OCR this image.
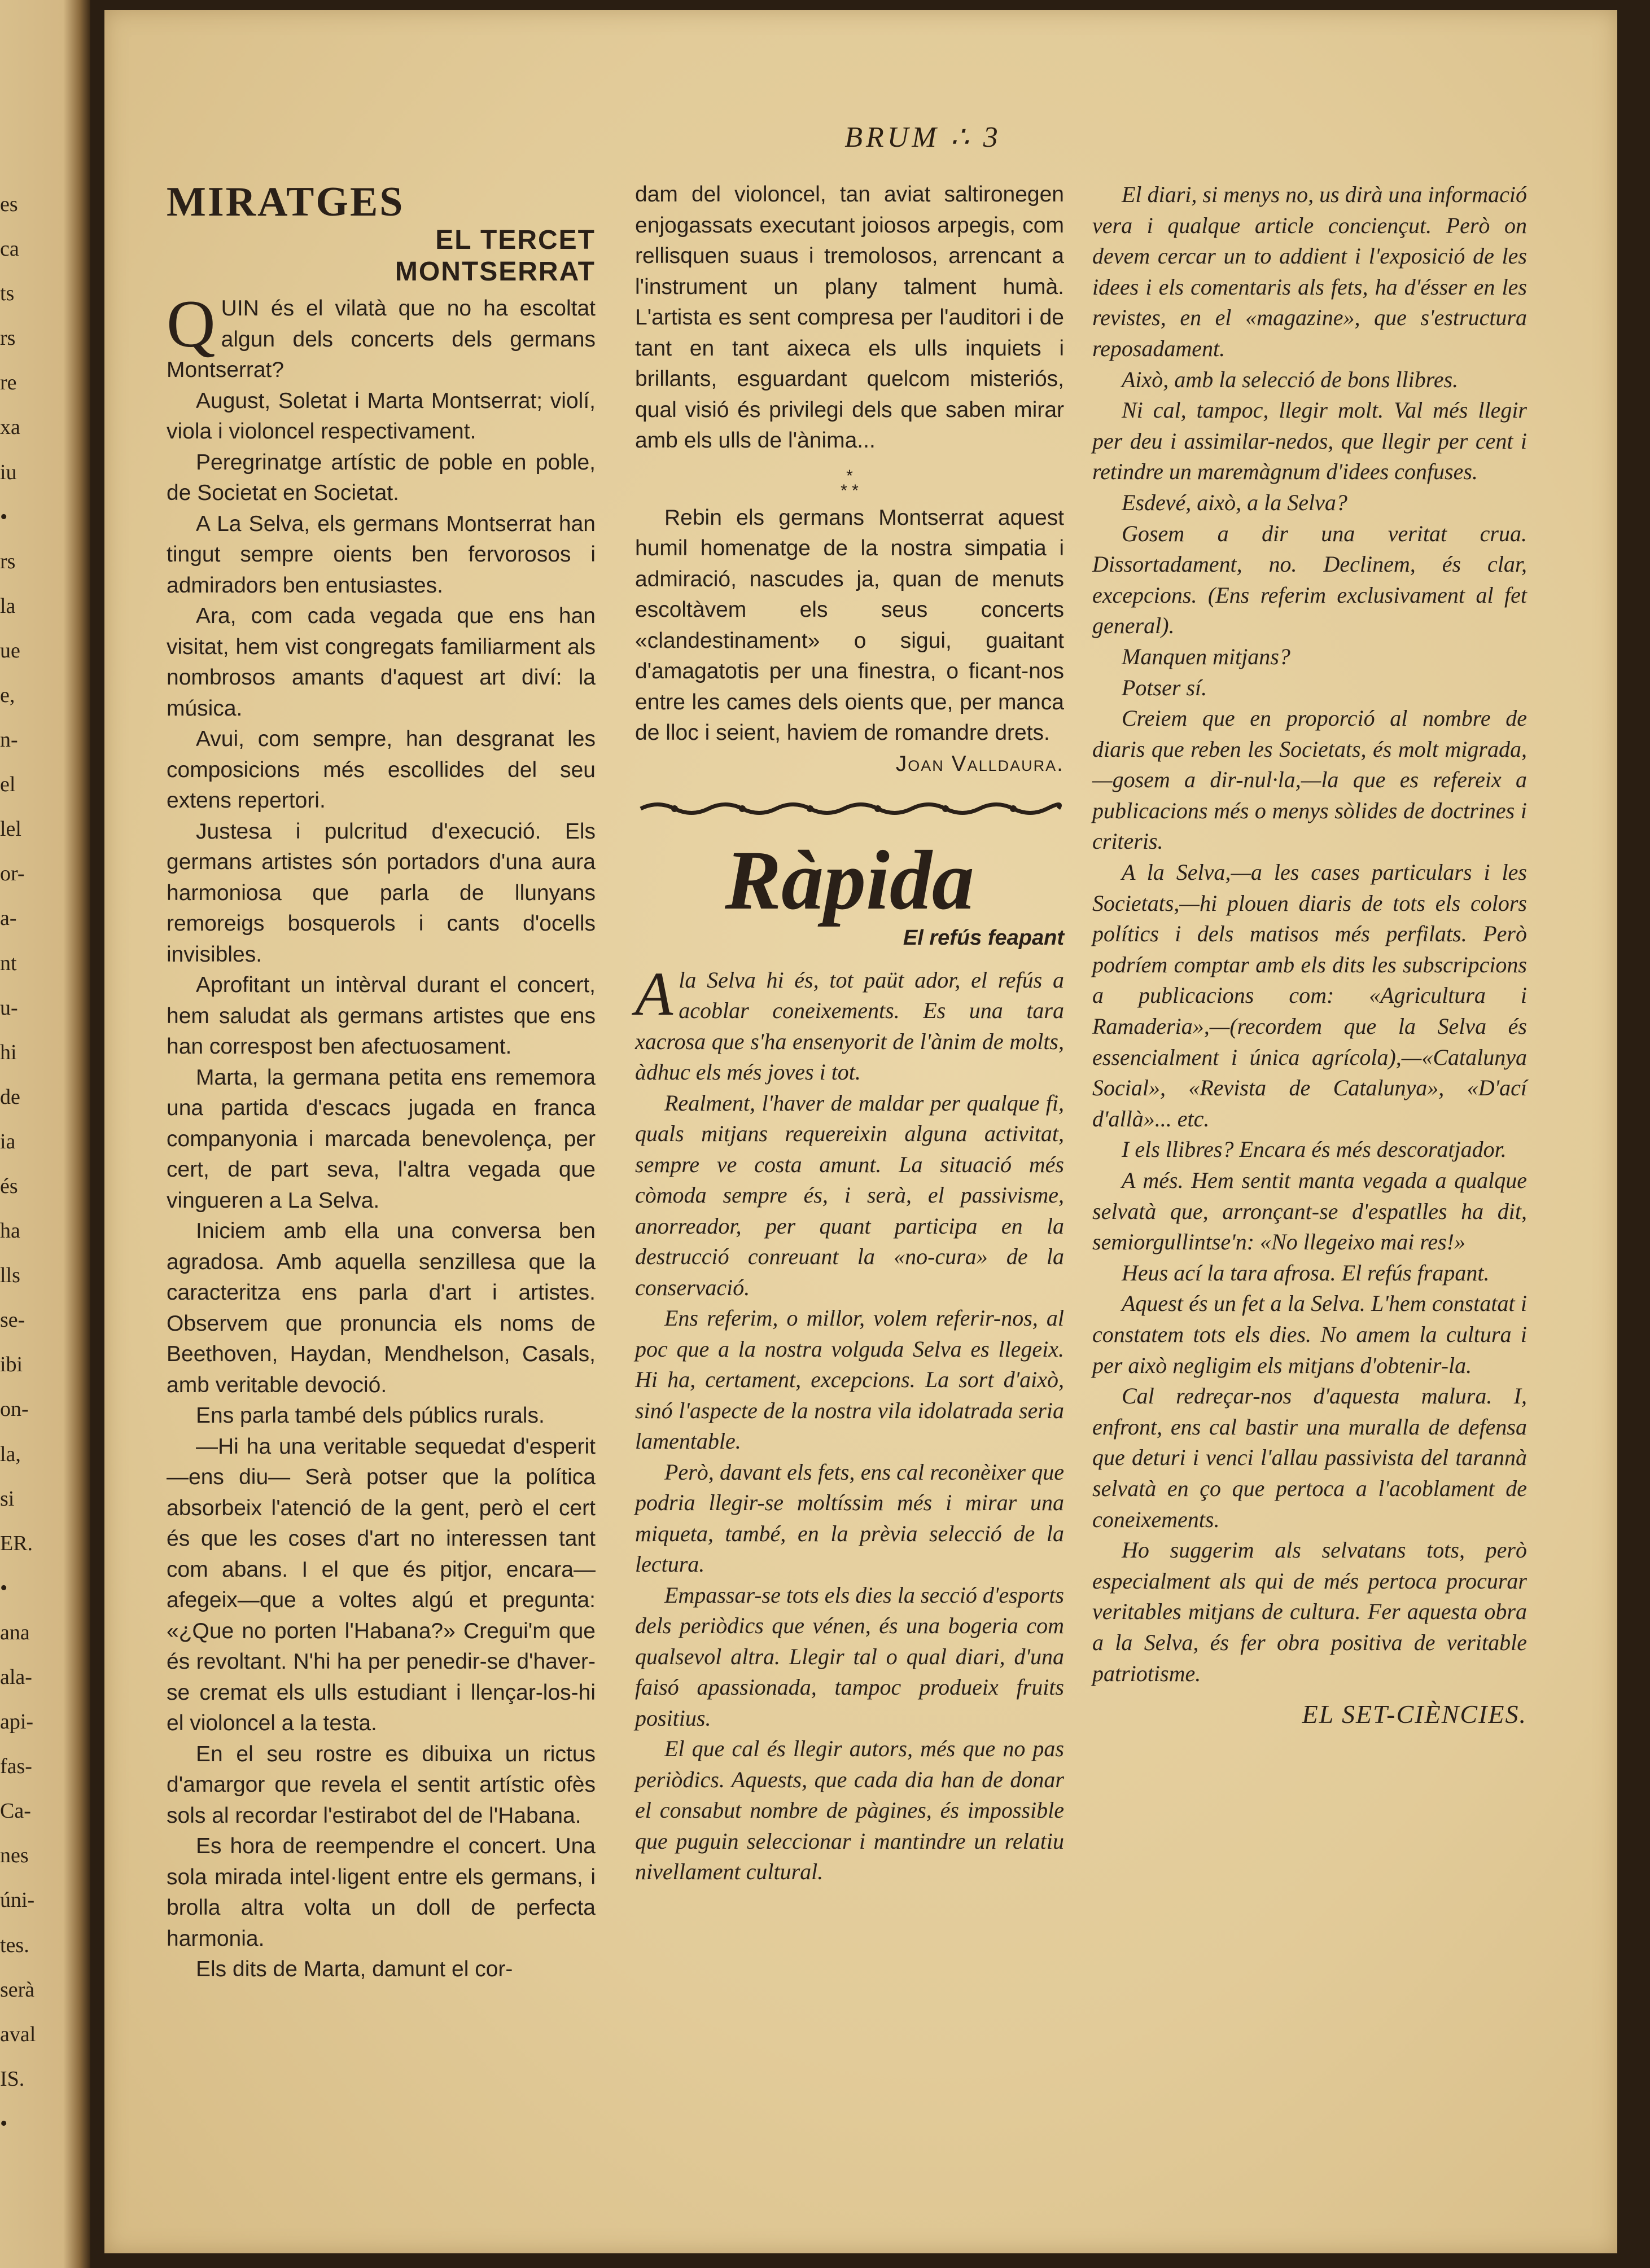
es
ca
ts
rs
re
xa
iu
•
rs
la
ue
e,
n-
el
lel
or-
a-
nt
u-
hi
de
ia
és
ha
lls
se-
ibi
on-
la,
si
ER.
•
ana
ala-
api-
fas-
Ca-
nes
úni-
tes.
serà
aval
IS.
•
BRUM ∴ 3
MIRATGES
EL TERCET
MONTSERRAT

QUIN és el vilatà que no ha escoltat algun dels concerts dels germans Montserrat?

August, Soletat i Marta Montserrat; violí, viola i violoncel respectivament.

Peregrinatge artístic de poble en poble, de Societat en Societat.

A La Selva, els germans Montserrat han tingut sempre oients ben fervorosos i admiradors ben entusiastes.

Ara, com cada vegada que ens han visitat, hem vist congregats familiarment als nombrosos amants d'aquest art diví: la música.

Avui, com sempre, han desgranat les composicions més escollides del seu extens repertori.

Justesa i pulcritud d'execució. Els germans artistes són portadors d'una aura harmoniosa que parla de llunyans remoreigs bosquerols i cants d'ocells invisibles.

Aprofitant un intèrval durant el concert, hem saludat als germans artistes que ens han correspost ben afectuosament.

Marta, la germana petita ens rememora una partida d'escacs jugada en franca companyonia i marcada benevolença, per cert, de part seva, l'altra vegada que vingueren a La Selva.

Iniciem amb ella una conversa ben agradosa. Amb aquella senzillesa que la caracteritza ens parla d'art i artistes. Observem que pronuncia els noms de Beethoven, Haydan, Mendhelson, Casals, amb veritable devoció.

Ens parla també dels públics rurals.

—Hi ha una veritable sequedat d'esperit—ens diu— Serà potser que la política absorbeix l'atenció de la gent, però el cert és que les coses d'art no interessen tant com abans. I el que és pitjor, encara—afegeix—que a voltes algú et pregunta: «¿Que no porten l'Habana?» Cregui'm que és revoltant. N'hi ha per penedir-se d'haver-se cremat els ulls estudiant i llençar-los-hi el violoncel a la testa.

En el seu rostre es dibuixa un rictus d'amargor que revela el sentit artístic ofès sols al recordar l'estirabot del de l'Habana.

Es hora de reempendre el concert. Una sola mirada intel·ligent entre els germans, i brolla altra volta un doll de perfecta harmonia.

Els dits de Marta, damunt el cor-

dam del violoncel, tan aviat saltironegen enjogassats executant joiosos arpegis, com rellisquen suaus i tremolosos, arrencant a l'instrument un plany talment humà. L'artista es sent compresa per l'auditori i de tant en tant aixeca els ulls inquiets i brillants, esguardant quelcom misteriós, qual visió és privilegi dels que saben mirar amb els ulls de l'ànima...

*
* *

Rebin els germans Montserrat aquest humil homenatge de la nostra simpatia i admiració, nascudes ja, quan de menuts escoltàvem els seus concerts «clandestinament» o sigui, guaitant d'amagatotis per una finestra, o ficant-nos entre les cames dels oients que, per manca de lloc i seient, haviem de romandre drets.

Joan Valldaura.
Ràpida
El refús feapant

Ala Selva hi és, tot paüt ador, el refús a acoblar coneixements. Es una tara xacrosa que s'ha ensenyorit de l'ànim de molts, àdhuc els més joves i tot.

Realment, l'haver de maldar per qualque fi, quals mitjans requereixin alguna activitat, sempre ve costa amunt. La situació més còmoda sempre és, i serà, el passivisme, anorreador, per quant participa en la destrucció conreuant la «no-cura» de la conservació.

Ens referim, o millor, volem referir-nos, al poc que a la nostra volguda Selva es llegeix. Hi ha, certament, excepcions. La sort d'això, sinó l'aspecte de la nostra vila idolatrada seria lamentable.

Però, davant els fets, ens cal reconèixer que podria llegir-se moltíssim més i mirar una miqueta, també, en la prèvia selecció de la lectura.

Empassar-se tots els dies la secció d'esports dels periòdics que vénen, és una bogeria com qualsevol altra. Llegir tal o qual diari, d'una faisó apassionada, tampoc produeix fruits positius.

El que cal és llegir autors, més que no pas periòdics. Aquests, que cada dia han de donar el consabut nombre de pàgines, és impossible que puguin seleccionar i mantindre un relatiu nivellament cultural.

El diari, si menys no, us dirà una informació vera i qualque article conciençut. Però on devem cercar un to addient i l'exposició de les idees i els comentaris als fets, ha d'ésser en les revistes, en el «magazine», que s'estructura reposadament.

Això, amb la selecció de bons llibres.

Ni cal, tampoc, llegir molt. Val més llegir per deu i assimilar-nedos, que llegir per cent i retindre un maremàgnum d'idees confuses.

Esdevé, això, a la Selva?

Gosem a dir una veritat crua. Dissortadament, no. Declinem, és clar, excepcions. (Ens referim exclusivament al fet general).

Manquen mitjans?

Potser sí.

Creiem que en proporció al nombre de diaris que reben les Societats, és molt migrada,—gosem a dir-nul·la,—la que es refereix a publicacions més o menys sòlides de doctrines i criteris.

A la Selva,—a les cases particulars i les Societats,—hi plouen diaris de tots els colors polítics i dels matisos més perfilats. Però podríem comptar amb els dits les subscripcions a publicacions com: «Agricultura i Ramaderia»,—(recordem que la Selva és essencialment i única agrícola),—«Catalunya Social», «Revista de Catalunya», «D'ací d'allà»... etc.

I els llibres? Encara és més descoratjador.

A més. Hem sentit manta vegada a qualque selvatà que, arronçant-se d'espatlles ha dit, semiorgullintse'n: «No llegeixo mai res!»

Heus ací la tara afrosa. El refús frapant.

Aquest és un fet a la Selva. L'hem constatat i constatem tots els dies. No amem la cultura i per això negligim els mitjans d'obtenir-la.

Cal redreçar-nos d'aquesta malura. I, enfront, ens cal bastir una muralla de defensa que deturi i venci l'allau passivista del tarannà selvatà en ço que pertoca a l'acoblament de coneixements.

Ho suggerim als selvatans tots, però especialment als qui de més pertoca procurar veritables mitjans de cultura. Fer aquesta obra a la Selva, és fer obra positiva de veritable patriotisme.

EL SET-CIÈNCIES.
